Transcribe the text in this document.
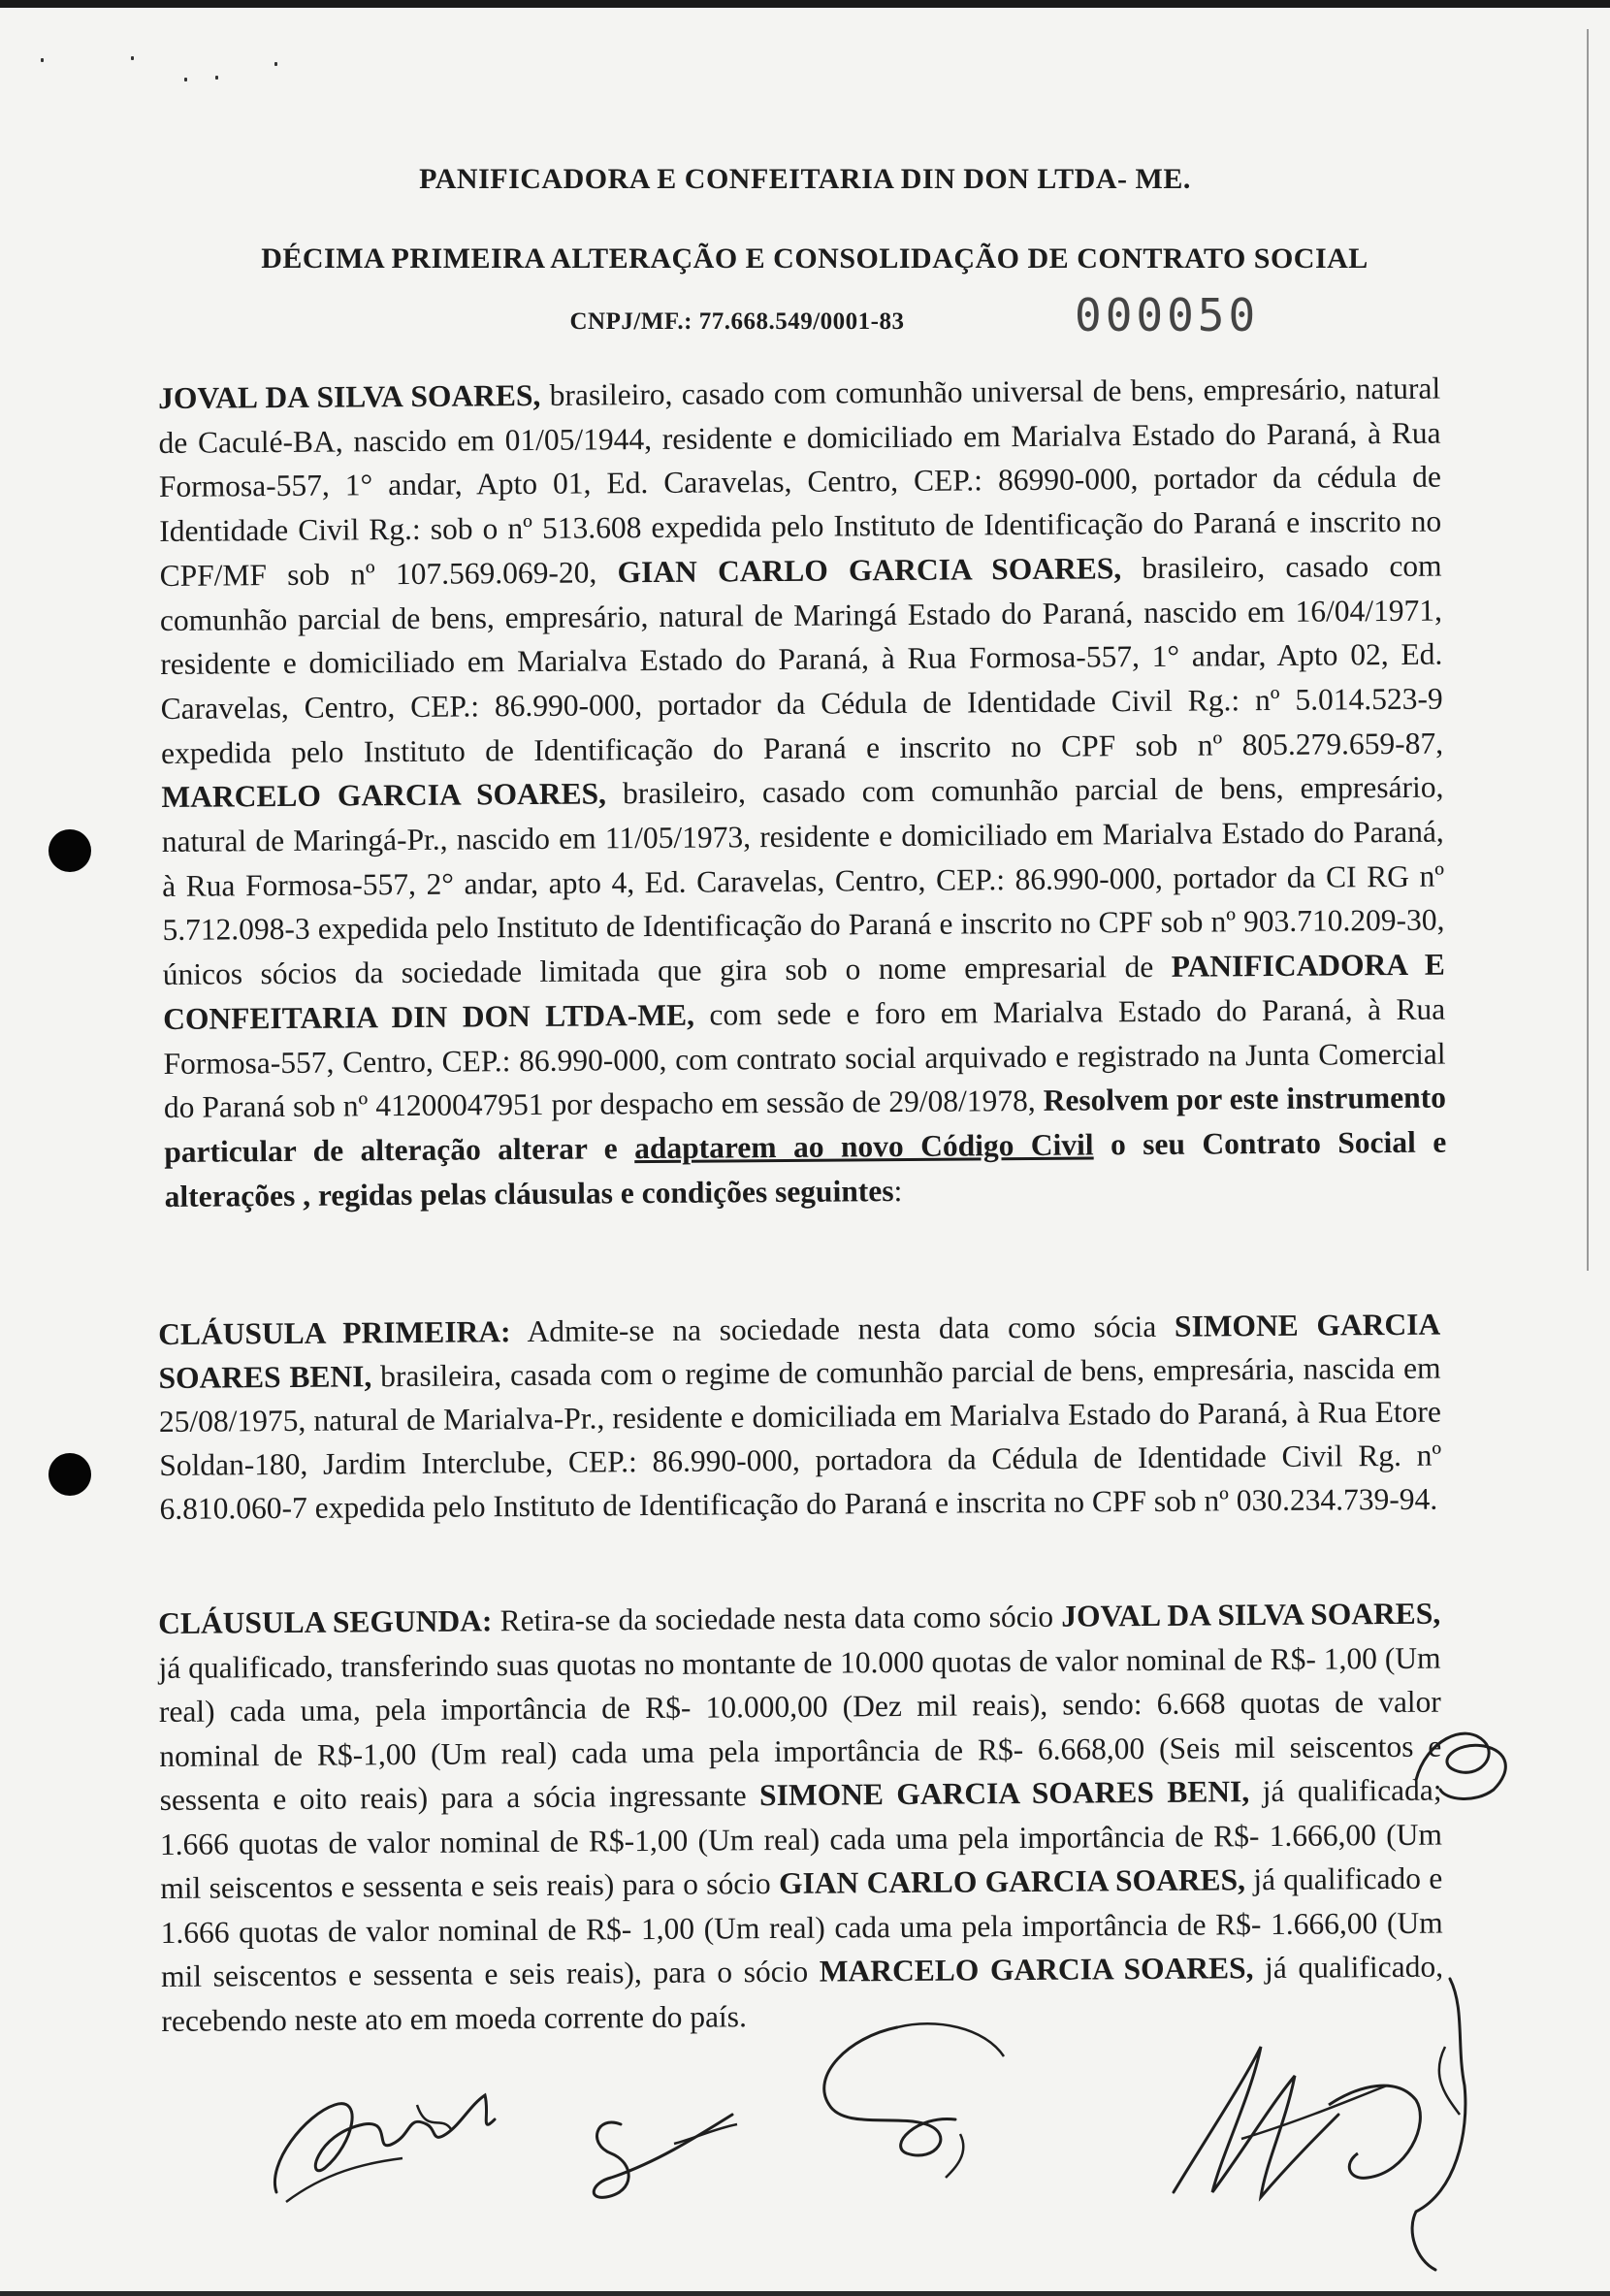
PANIFICADORA E CONFEITARIA DIN DON LTDA- ME.
DÉCIMA PRIMEIRA ALTERAÇÃO E CONSOLIDAÇÃO DE CONTRATO SOCIAL
CNPJ/MF.: 77.668.549/0001-83	000050
JOVAL DA SILVA SOARES, brasileiro, casado com comunhão universal de bens, empresário, natural de Caculé-BA, nascido em 01/05/1944, residente e domiciliado em Marialva Estado do Paraná, à Rua Formosa-557, 1° andar, Apto 01, Ed. Caravelas, Centro, CEP.: 86990-000, portador da cédula de Identidade Civil Rg.: sob o nº 513.608 expedida pelo Instituto de Identificação do Paraná e inscrito no CPF/MF sob nº 107.569.069-20, GIAN CARLO GARCIA SOARES, brasileiro, casado com comunhão parcial de bens, empresário, natural de Maringá Estado do Paraná, nascido em 16/04/1971, residente e domiciliado em Marialva Estado do Paraná, à Rua Formosa-557, 1° andar, Apto 02, Ed. Caravelas, Centro, CEP.: 86.990-000, portador da Cédula de Identidade Civil Rg.: nº 5.014.523-9 expedida pelo Instituto de Identificação do Paraná e inscrito no CPF sob nº 805.279.659-87, MARCELO GARCIA SOARES, brasileiro, casado com comunhão parcial de bens, empresário, natural de Maringá-Pr., nascido em 11/05/1973, residente e domiciliado em Marialva Estado do Paraná, à Rua Formosa-557, 2° andar, apto 4, Ed. Caravelas, Centro, CEP.: 86.990-000, portador da CI RG nº 5.712.098-3 expedida pelo Instituto de Identificação do Paraná e inscrito no CPF sob nº 903.710.209-30, únicos sócios da sociedade limitada que gira sob o nome empresarial de PANIFICADORA E CONFEITARIA DIN DON LTDA-ME, com sede e foro em Marialva Estado do Paraná, à Rua Formosa-557, Centro, CEP.: 86.990-000, com contrato social arquivado e registrado na Junta Comercial do Paraná sob nº 41200047951 por despacho em sessão de 29/08/1978, Resolvem por este instrumento particular de alteração alterar e adaptarem ao novo Código Civil o seu Contrato Social e alterações , regidas pelas cláusulas e condições seguintes:
CLÁUSULA PRIMEIRA: Admite-se na sociedade nesta data como sócia SIMONE GARCIA SOARES BENI, brasileira, casada com o regime de comunhão parcial de bens, empresária, nascida em 25/08/1975, natural de Marialva-Pr., residente e domiciliada em Marialva Estado do Paraná, à Rua Etore Soldan-180, Jardim Interclube, CEP.: 86.990-000, portadora da Cédula de Identidade Civil Rg. nº 6.810.060-7 expedida pelo Instituto de Identificação do Paraná e inscrita no CPF sob nº 030.234.739-94.
CLÁUSULA SEGUNDA: Retira-se da sociedade nesta data como sócio JOVAL DA SILVA SOARES, já qualificado, transferindo suas quotas no montante de 10.000 quotas de valor nominal de R$- 1,00 (Um real) cada uma, pela importância de R$- 10.000,00 (Dez mil reais), sendo: 6.668 quotas de valor nominal de R$-1,00 (Um real) cada uma pela importância de R$- 6.668,00 (Seis mil seiscentos e sessenta e oito reais) para a sócia ingressante SIMONE GARCIA SOARES BENI, já qualificada; 1.666 quotas de valor nominal de R$-1,00 (Um real) cada uma pela importância de R$- 1.666,00 (Um mil seiscentos e sessenta e seis reais) para o sócio GIAN CARLO GARCIA SOARES, já qualificado e 1.666 quotas de valor nominal de R$- 1,00 (Um real) cada uma pela importância de R$- 1.666,00 (Um mil seiscentos e sessenta e seis reais), para o sócio MARCELO GARCIA SOARES, já qualificado, recebendo neste ato em moeda corrente do país.
